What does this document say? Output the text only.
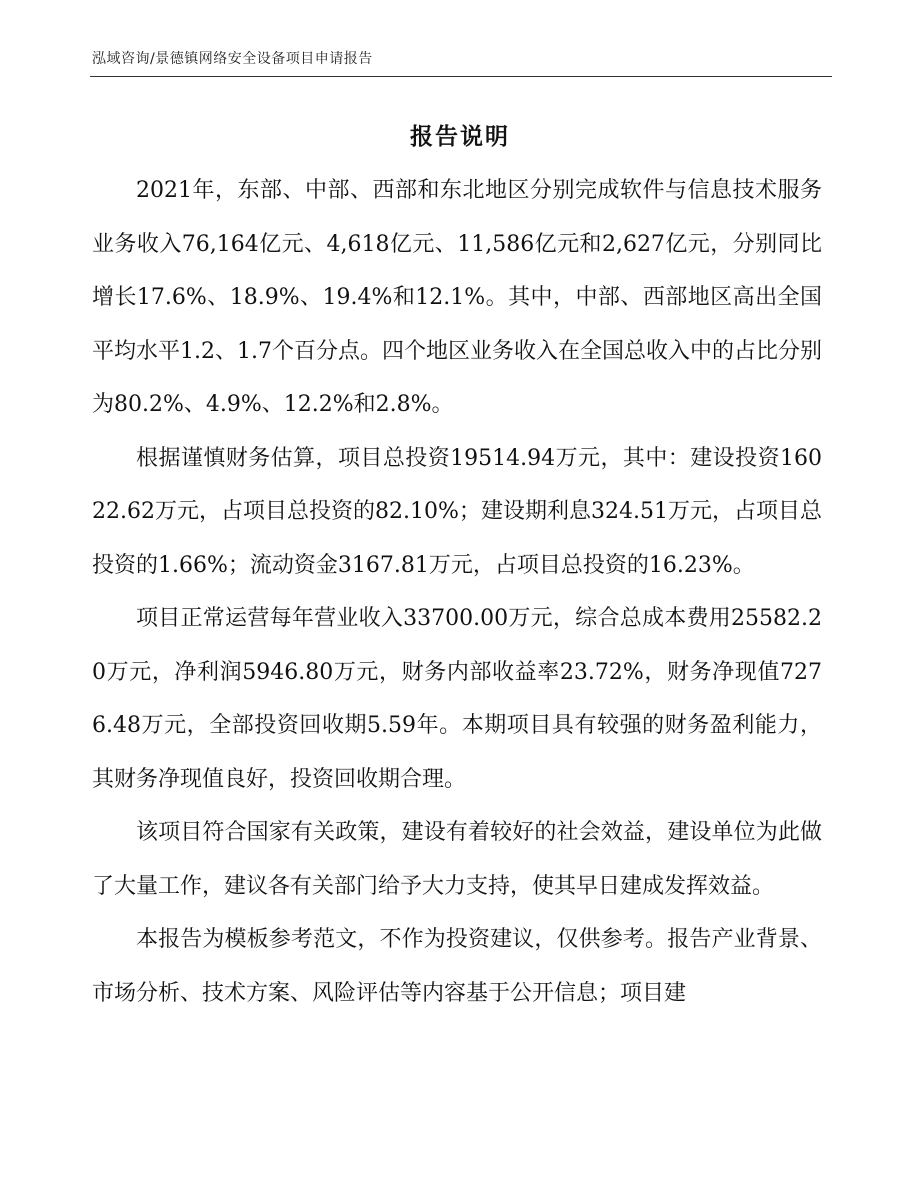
泓域咨询/景德镇网络安全设备项目申请报告
报告说明

2021年，东部、中部、西部和东北地区分别完成软件与信息技术服务业务收入76,164亿元、4,618亿元、11,586亿元和2,627亿元，分别同比增长17.6%、18.9%、19.4%和12.1%。其中，中部、西部地区高出全国平均水平1.2、1.7个百分点。四个地区业务收入在全国总收入中的占比分别为80.2%、4.9%、12.2%和2.8%。

根据谨慎财务估算，项目总投资19514.94万元，其中：建设投资16022.62万元，占项目总投资的82.10%；建设期利息324.51万元，占项目总投资的1.66%；流动资金3167.81万元，占项目总投资的16.23%。

项目正常运营每年营业收入33700.00万元，综合总成本费用25582.20万元，净利润5946.80万元，财务内部收益率23.72%，财务净现值7276.48万元，全部投资回收期5.59年。本期项目具有较强的财务盈利能力，其财务净现值良好，投资回收期合理。

该项目符合国家有关政策，建设有着较好的社会效益，建设单位为此做了大量工作，建议各有关部门给予大力支持，使其早日建成发挥效益。

本报告为模板参考范文，不作为投资建议，仅供参考。报告产业背景、市场分析、技术方案、风险评估等内容基于公开信息；项目建
